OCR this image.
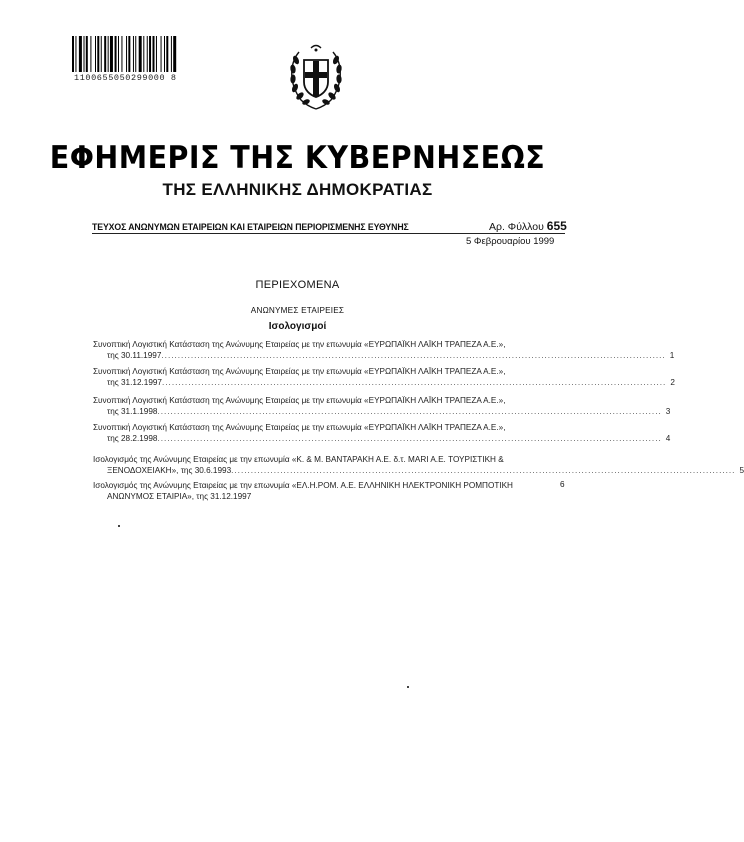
1100655050299000 8
ΕΦΗΜΕΡΙΣ ΤΗΣ ΚΥΒΕΡΝΗΣΕΩΣ
ΤΗΣ ΕΛΛΗΝΙΚΗΣ ΔΗΜΟΚΡΑΤΙΑΣ
ΤΕΥΧΟΣ ΑΝΩΝΥΜΩΝ ΕΤΑΙΡΕΙΩΝ ΚΑΙ ΕΤΑΙΡΕΙΩΝ ΠΕΡΙΟΡΙΣΜΕΝΗΣ ΕΥΘΥΝΗΣ	Αρ. Φύλλου 655
5 Φεβρουαρίου 1999
ΠΕΡΙΕΧΟΜΕΝΑ
ΑΝΩΝΥΜΕΣ ΕΤΑΙΡΕΙΕΣ
Ισολογισμοί
Συνοπτική Λογιστική Κατάσταση της Ανώνυμης Εταιρείας με την επωνυμία «ΕΥΡΩΠΑΪΚΗ ΛΑΪΚΗ ΤΡΑΠΕΖΑ Α.Ε.»,
της 30.11.1997 .......................................................................................................................................................... 1
Συνοπτική Λογιστική Κατάσταση της Ανώνυμης Εταιρείας με την επωνυμία «ΕΥΡΩΠΑΪΚΗ ΛΑΪΚΗ ΤΡΑΠΕΖΑ Α.Ε.»,
της 31.12.1997 .......................................................................................................................................................... 2
Συνοπτική Λογιστική Κατάσταση της Ανώνυμης Εταιρείας με την επωνυμία «ΕΥΡΩΠΑΪΚΗ ΛΑΪΚΗ ΤΡΑΠΕΖΑ Α.Ε.»,
της 31.1.1998 .......................................................................................................................................................... 3
Συνοπτική Λογιστική Κατάσταση της Ανώνυμης Εταιρείας με την επωνυμία «ΕΥΡΩΠΑΪΚΗ ΛΑΪΚΗ ΤΡΑΠΕΖΑ Α.Ε.»,
της 28.2.1998 .......................................................................................................................................................... 4
Ισολογισμός της Ανώνυμης Εταιρείας με την επωνυμία «Κ. & Μ. ΒΑΝΤΑΡΑΚΗ Α.Ε. δ.τ. MARI A.E. ΤΟΥΡΙΣΤΙΚΗ &
ΞΕΝΟΔΟΧΕΙΑΚΗ», της 30.6.1993 .......................................................................................................................................................... 5
Ισολογισμός της Ανώνυμης Εταιρείας με την επωνυμία «ΕΛ.Η.ΡΟΜ. Α.Ε. ΕΛΛΗΝΙΚΗ ΗΛΕΚΤΡΟΝΙΚΗ ΡΟΜΠΟΤΙΚΗ
ΑΝΩΝΥΜΟΣ ΕΤΑΙΡΙΑ», της 31.12.1997
6
